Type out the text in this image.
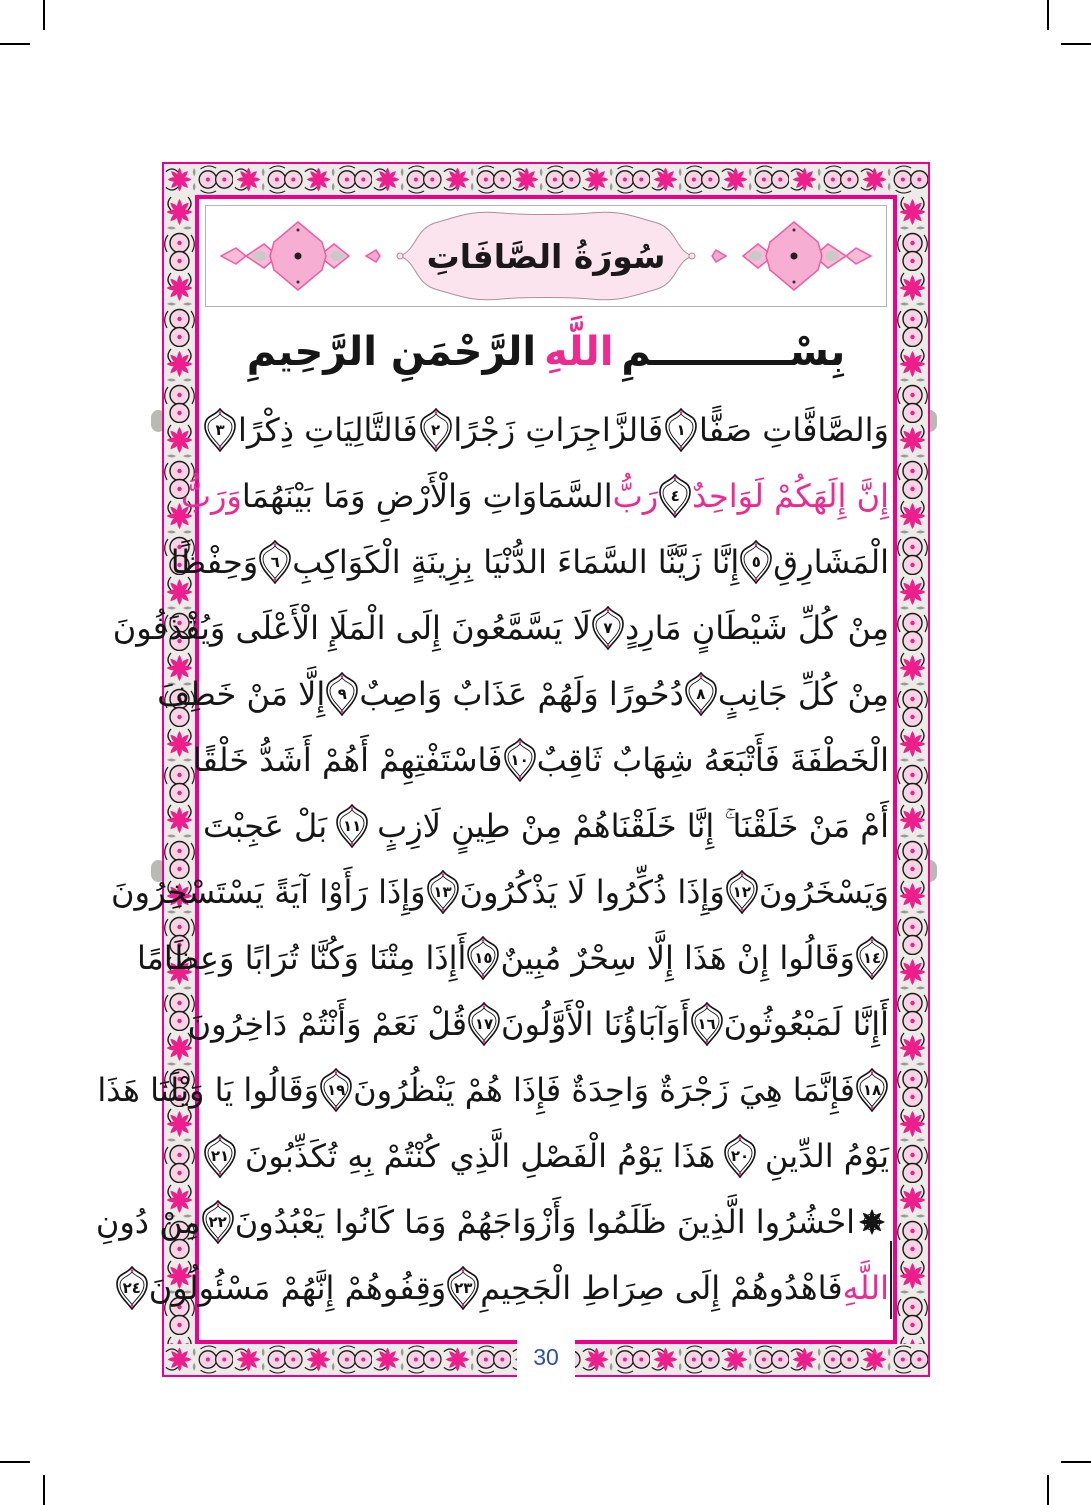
سُورَةُ الصَّافَاتِ
بِسْــــــــــمِ
اللَّهِ
الرَّحْمَنِ الرَّحِيمِ
وَالصَّافَّاتِ صَفًّا
١
فَالزَّاجِرَاتِ زَجْرًا
٢
فَالتَّالِيَاتِ ذِكْرًا
٣
إِنَّ إِلَهَكُمْ لَوَاحِدٌ
٤
رَبُّ
السَّمَاوَاتِ وَالْأَرْضِ وَمَا بَيْنَهُمَا
وَرَبُّ
الْمَشَارِقِ
٥
إِنَّا زَيَّنَّا السَّمَاءَ الدُّنْيَا بِزِينَةٍ الْكَوَاكِبِ
٦
وَحِفْظًا
مِنْ كُلِّ شَيْطَانٍ مَارِدٍ
٧
لَا يَسَّمَّعُونَ إِلَى الْمَلَإِ الْأَعْلَى وَيُقْذَفُونَ
مِنْ كُلِّ جَانِبٍ
٨
دُحُورًا وَلَهُمْ عَذَابٌ وَاصِبٌ
٩
إِلَّا مَنْ خَطِفَ
الْخَطْفَةَ فَأَتْبَعَهُ شِهَابٌ ثَاقِبٌ
١٠
فَاسْتَفْتِهِمْ أَهُمْ أَشَدُّ خَلْقًا
أَمْ مَنْ خَلَقْنَا ۚ إِنَّا خَلَقْنَاهُمْ مِنْ طِينٍ لَازِبٍ
١١
بَلْ عَجِبْتَ
وَيَسْخَرُونَ
١٢
وَإِذَا ذُكِّرُوا لَا يَذْكُرُونَ
١٣
وَإِذَا رَأَوْا آيَةً يَسْتَسْخِرُونَ
١٤
وَقَالُوا إِنْ هَذَا إِلَّا سِحْرٌ مُبِينٌ
١٥
أَإِذَا مِتْنَا وَكُنَّا تُرَابًا وَعِظَامًا
أَإِنَّا لَمَبْعُوثُونَ
١٦
أَوَآبَاؤُنَا الْأَوَّلُونَ
١٧
قُلْ نَعَمْ وَأَنْتُمْ دَاخِرُونَ
١٨
فَإِنَّمَا هِيَ زَجْرَةٌ وَاحِدَةٌ فَإِذَا هُمْ يَنْظُرُونَ
١٩
وَقَالُوا يَا وَيْلَنَا هَذَا
يَوْمُ الدِّينِ
٢٠
هَذَا يَوْمُ الْفَصْلِ الَّذِي كُنْتُمْ بِهِ تُكَذِّبُونَ
٢١
احْشُرُوا الَّذِينَ ظَلَمُوا وَأَزْوَاجَهُمْ وَمَا كَانُوا يَعْبُدُونَ
٢٢
مِنْ دُونِ
اللَّهِ
فَاهْدُوهُمْ إِلَى صِرَاطِ الْجَحِيمِ
٢٣
وَقِفُوهُمْ إِنَّهُمْ مَسْئُولُونَ
٢٤
30
